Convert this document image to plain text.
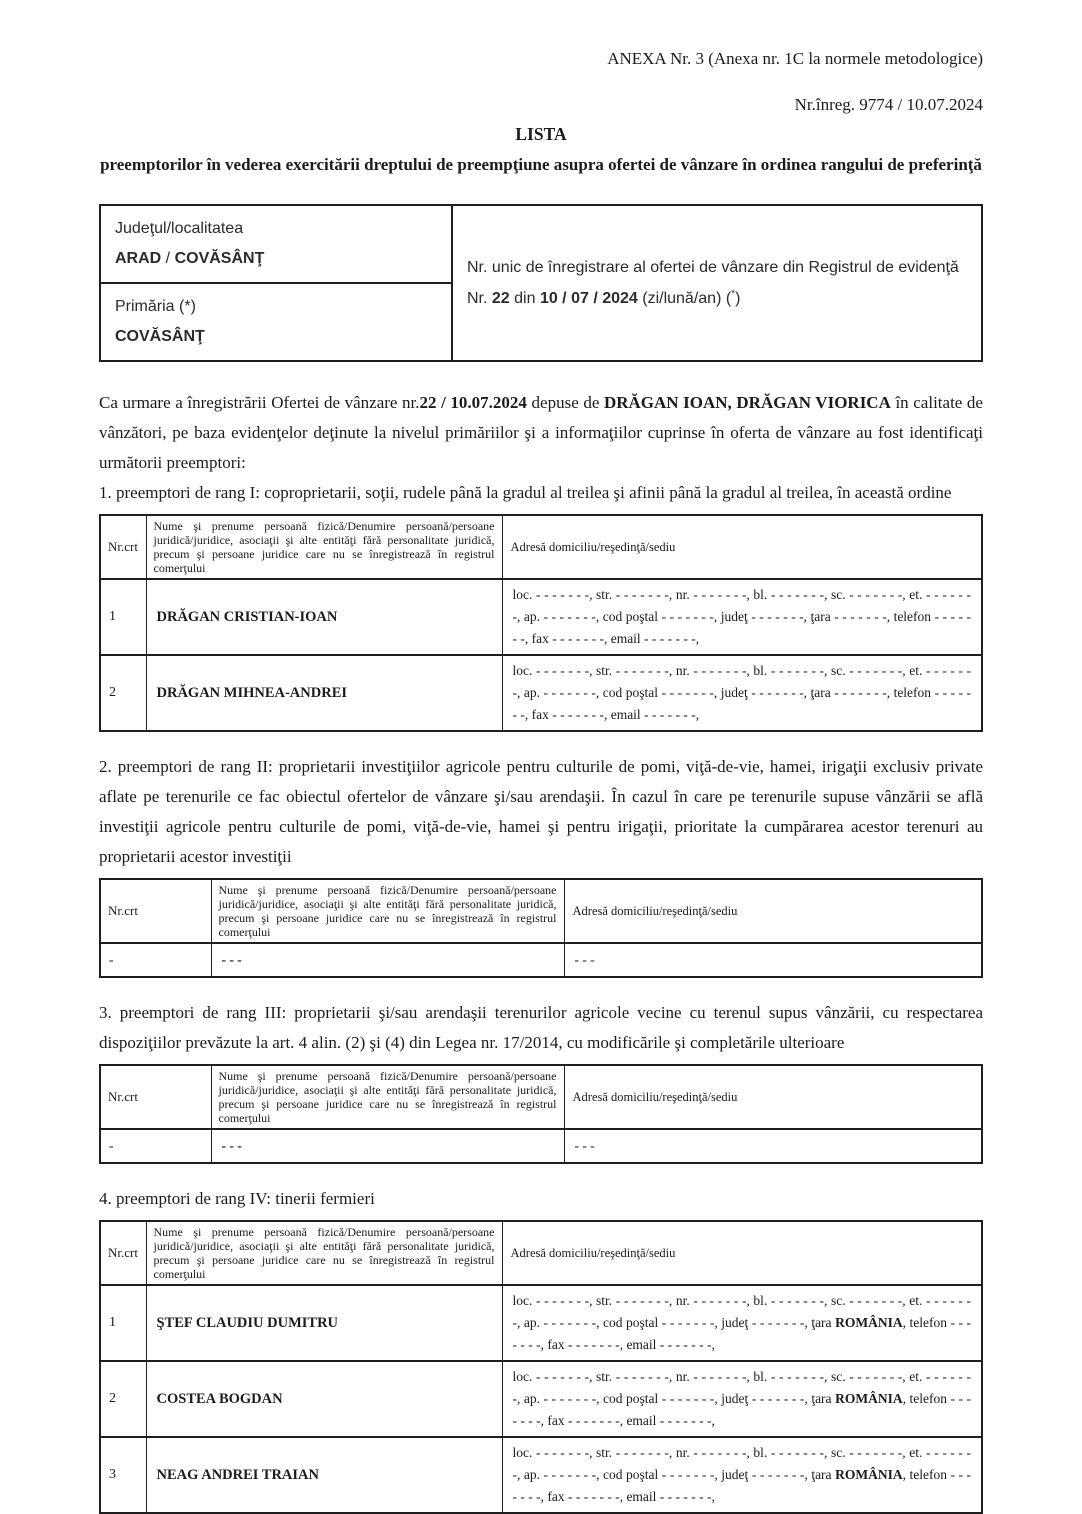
ANEXA Nr. 3 (Anexa nr. 1C la normele metodologice)
Nr.înreg. 9774 / 10.07.2024
LISTA
preemptorilor în vederea exercitării dreptului de preempţiune asupra ofertei de vânzare în ordinea rangului de preferinţă
Judeţul/localitatea
ARAD / COVĂSÂNŢ

Nr. unic de înregistrare al ofertei de vânzare din Registrul de evidenţă

Nr. 22 din 10 / 07 / 2024 (zi/lună/an) (*)

Primăria (*)
COVĂSÂNŢ

Ca urmare a înregistrării Ofertei de vânzare nr.22 / 10.07.2024 depuse de DRĂGAN IOAN, DRĂGAN VIORICA în calitate de vânzători, pe baza evidenţelor deţinute la nivelul primăriilor şi a informaţiilor cuprinse în oferta de vânzare au fost identificaţi următorii preemptori:

1. preemptori de rang I: coproprietarii, soţii, rudele până la gradul al treilea şi afinii până la gradul al treilea, în această ordine

Nr.crt	Nume şi prenume persoană fizică/Denumire persoană/persoane juridică/juridice, asociaţii şi alte entităţi fără personalitate juridică, precum şi persoane juridice care nu se înregistrează în registrul comerţului	Adresă domiciliu/reşedinţă/sediu
1	DRĂGAN CRISTIAN-IOAN	loc. - - - - - - -, str. - - - - - - -, nr. - - - - - - -, bl. - - - - - - -, sc. - - - - - - -, et. - - - - - - -, ap. - - - - - - -, cod poştal - - - - - - -, judeţ - - - - - - -, ţara - - - - - - -, telefon - - - - - - -, fax - - - - - - -, email - - - - - - -,
2	DRĂGAN MIHNEA-ANDREI	loc. - - - - - - -, str. - - - - - - -, nr. - - - - - - -, bl. - - - - - - -, sc. - - - - - - -, et. - - - - - - -, ap. - - - - - - -, cod poştal - - - - - - -, judeţ - - - - - - -, ţara - - - - - - -, telefon - - - - - - -, fax - - - - - - -, email - - - - - - -,

2. preemptori de rang II: proprietarii investiţiilor agricole pentru culturile de pomi, viţă-de-vie, hamei, irigaţii exclusiv private aflate pe terenurile ce fac obiectul ofertelor de vânzare şi/sau arendaşii. În cazul în care pe terenurile supuse vânzării se află investiţii agricole pentru culturile de pomi, viţă-de-vie, hamei şi pentru irigaţii, prioritate la cumpărarea acestor terenuri au proprietarii acestor investiţii

Nr.crt	Nume şi prenume persoană fizică/Denumire persoană/persoane juridică/juridice, asociaţii şi alte entităţi fără personalitate juridică, precum şi persoane juridice care nu se înregistrează în registrul comerţului	Adresă domiciliu/reşedinţă/sediu
-	- - -	- - -

3. preemptori de rang III: proprietarii şi/sau arendaşii terenurilor agricole vecine cu terenul supus vânzării, cu respectarea dispoziţiilor prevăzute la art. 4 alin. (2) şi (4) din Legea nr. 17/2014, cu modificările şi completările ulterioare

Nr.crt	Nume şi prenume persoană fizică/Denumire persoană/persoane juridică/juridice, asociaţii şi alte entităţi fără personalitate juridică, precum şi persoane juridice care nu se înregistrează în registrul comerţului	Adresă domiciliu/reşedinţă/sediu
-	- - -	- - -

4. preemptori de rang IV: tinerii fermieri

Nr.crt	Nume şi prenume persoană fizică/Denumire persoană/persoane juridică/juridice, asociaţii şi alte entităţi fără personalitate juridică, precum şi persoane juridice care nu se înregistrează în registrul comerţului	Adresă domiciliu/reşedinţă/sediu
1	ŞTEF CLAUDIU DUMITRU	loc. - - - - - - -, str. - - - - - - -, nr. - - - - - - -, bl. - - - - - - -, sc. - - - - - - -, et. - - - - - - -, ap. - - - - - - -, cod poştal - - - - - - -, judeţ - - - - - - -, ţara ROMÂNIA, telefon - - - - - - -, fax - - - - - - -, email - - - - - - -,
2	COSTEA BOGDAN	loc. - - - - - - -, str. - - - - - - -, nr. - - - - - - -, bl. - - - - - - -, sc. - - - - - - -, et. - - - - - - -, ap. - - - - - - -, cod poştal - - - - - - -, judeţ - - - - - - -, ţara ROMÂNIA, telefon - - - - - - -, fax - - - - - - -, email - - - - - - -,
3	NEAG ANDREI TRAIAN	loc. - - - - - - -, str. - - - - - - -, nr. - - - - - - -, bl. - - - - - - -, sc. - - - - - - -, et. - - - - - - -, ap. - - - - - - -, cod poştal - - - - - - -, judeţ - - - - - - -, ţara ROMÂNIA, telefon - - - - - - -, fax - - - - - - -, email - - - - - - -,
